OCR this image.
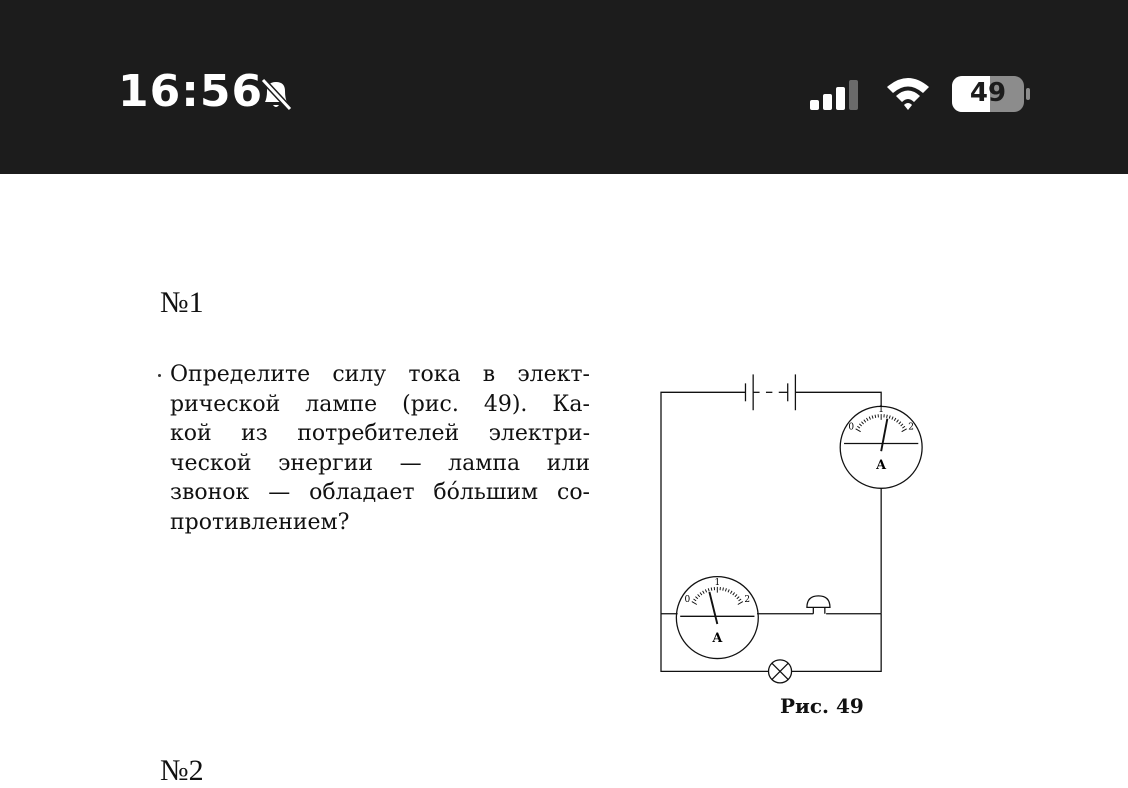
16:56	49
№1

Определите силу тока в элект-
рической лампе (рис. 49). Ка-
кой из потребителей электри-
ческой энергии — лампа или
звонок — обладает бо́льшим со-
противлением?

0
1
2
A
0
1
2
A
Рис. 49
№2
